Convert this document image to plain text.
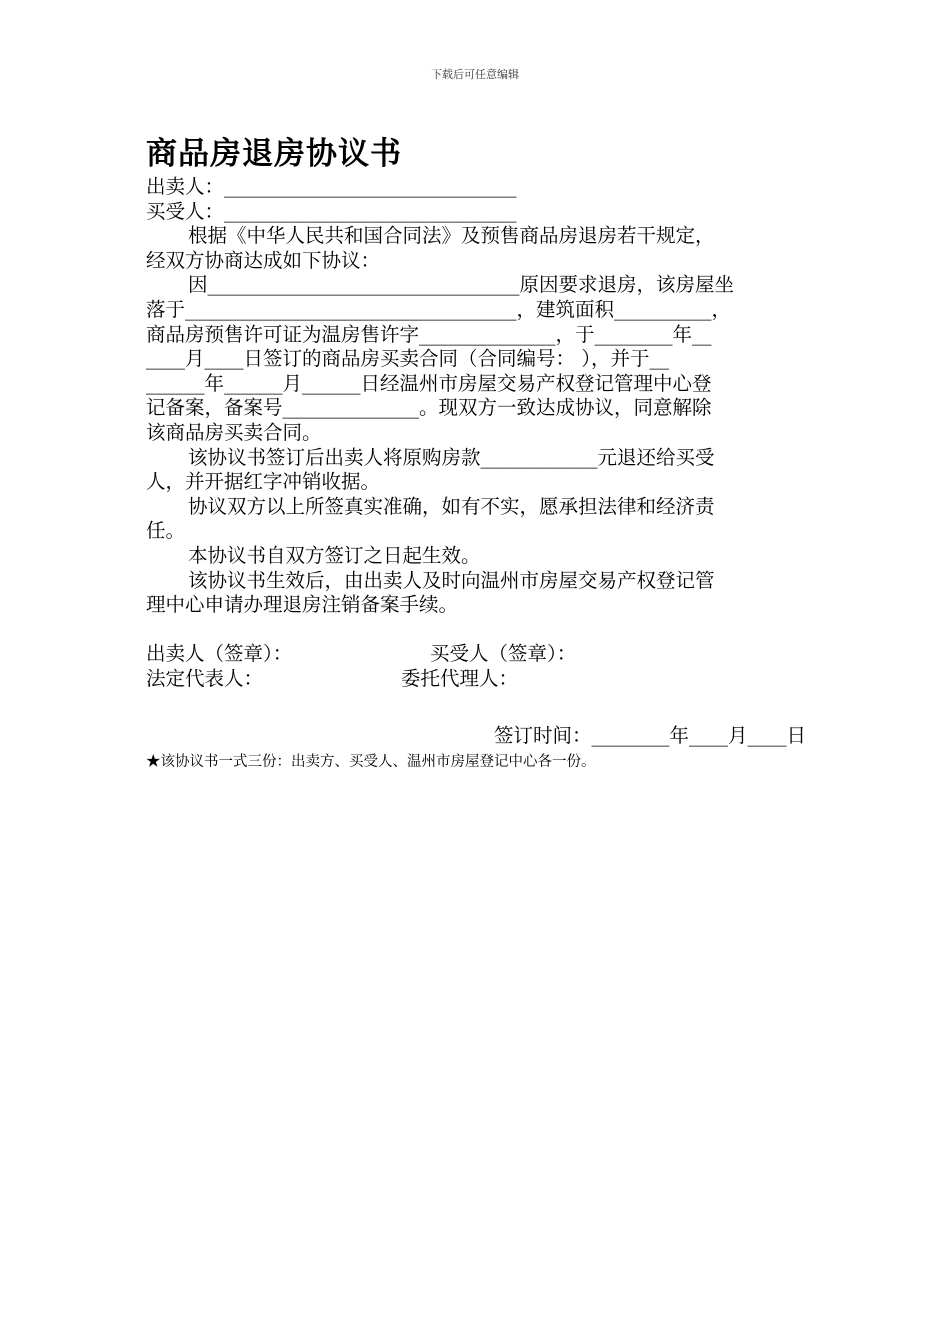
下载后可任意编辑
商品房退房协议书
出卖人：______________________________
买受人：______________________________
根据《中华人民共和国合同法》及预售商品房退房若干规定，
经双方协商达成如下协议：
因________________________________原因要求退房，该房屋坐
落于__________________________________，建筑面积__________，
商品房预售许可证为温房售许字______________，于________年__
____月____日签订的商品房买卖合同（合同编号： ），并于__
______年______月______日经温州市房屋交易产权登记管理中心登
记备案，备案号______________。现双方一致达成协议，同意解除
该商品房买卖合同。
该协议书签订后出卖人将原购房款____________元退还给买受
人，并开据红字冲销收据。
协议双方以上所签真实准确，如有不实，愿承担法律和经济责
任。
本协议书自双方签订之日起生效。
该协议书生效后，由出卖人及时向温州市房屋交易产权登记管
理中心申请办理退房注销备案手续。
出卖人（签章）：	买受人（签章）：
法定代表人：	委托代理人：
签订时间：________年____月____日
★该协议书一式三份：出卖方、买受人、温州市房屋登记中心各一份。
